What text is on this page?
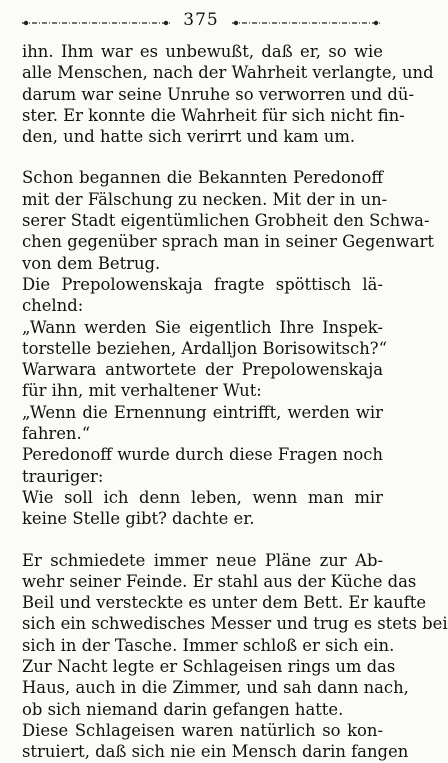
375
ihn. Ihm war es unbewußt, daß er, so wie
alle Menschen, nach der Wahrheit verlangte, und
darum war seine Unruhe so verworren und dü-
ster. Er konnte die Wahrheit für sich nicht fin-
den, und hatte sich verirrt und kam um.
Schon begannen die Bekannten Peredonoff
mit der Fälschung zu necken. Mit der in un-
serer Stadt eigentümlichen Grobheit den Schwa-
chen gegenüber sprach man in seiner Gegenwart
von dem Betrug.
Die Prepolowenskaja fragte spöttisch lä-
chelnd:
„Wann werden Sie eigentlich Ihre Inspek-
torstelle beziehen, Ardalljon Borisowitsch?“
Warwara antwortete der Prepolowenskaja
für ihn, mit verhaltener Wut:
„Wenn die Ernennung eintrifft, werden wir
fahren.“
Peredonoff wurde durch diese Fragen noch
trauriger:
Wie soll ich denn leben, wenn man mir
keine Stelle gibt? dachte er.
Er schmiedete immer neue Pläne zur Ab-
wehr seiner Feinde. Er stahl aus der Küche das
Beil und versteckte es unter dem Bett. Er kaufte
sich ein schwedisches Messer und trug es stets bei
sich in der Tasche. Immer schloß er sich ein.
Zur Nacht legte er Schlageisen rings um das
Haus, auch in die Zimmer, und sah dann nach,
ob sich niemand darin gefangen hatte.
Diese Schlageisen waren natürlich so kon-
struiert, daß sich nie ein Mensch darin fangen
